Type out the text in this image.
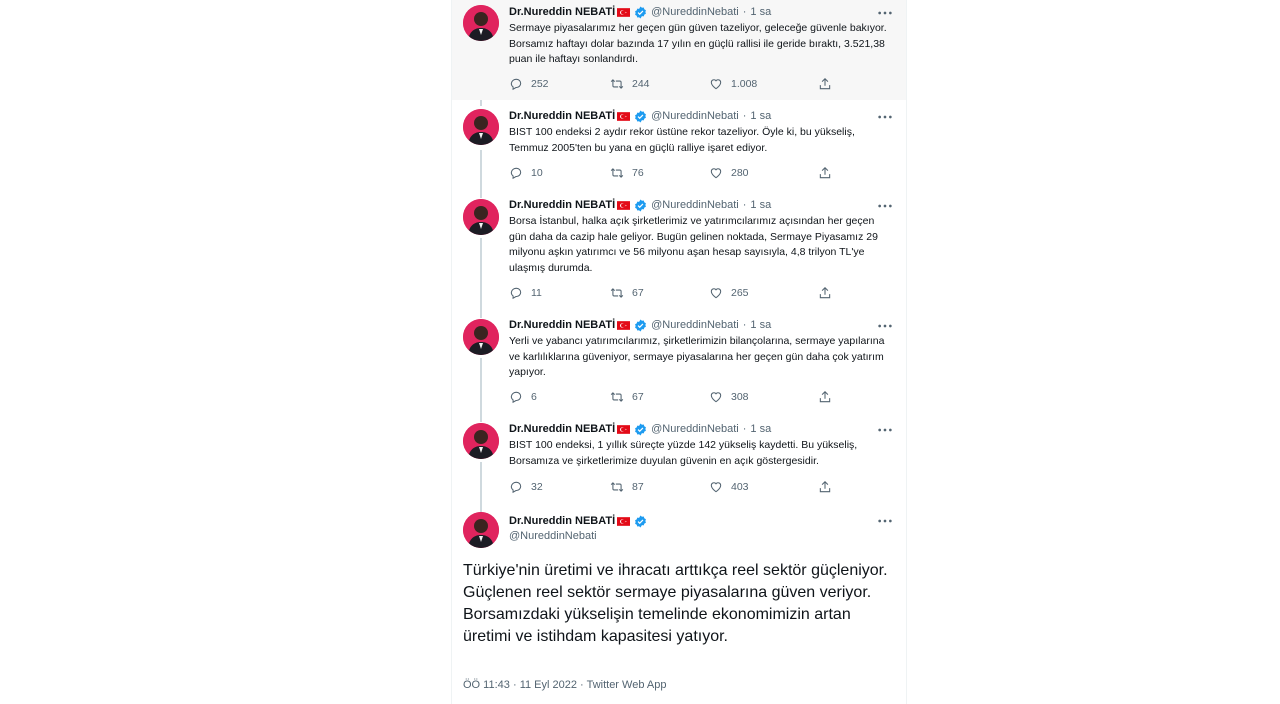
Dr.Nureddin NEBATİ	@NureddinNebati · 1 sa

Sermaye piyasalarımız her geçen gün güven tazeliyor, geleceğe güvenle bakıyor. Borsamız haftayı dolar bazında 17 yılın en güçlü rallisi ile geride bıraktı, 3.521,38 puan ile haftayı sonlandırdı.

252	244	1.008
Dr.Nureddin NEBATİ	@NureddinNebati · 1 sa

BIST 100 endeksi 2 aydır rekor üstüne rekor tazeliyor. Öyle ki, bu yükseliş, Temmuz 2005'ten bu yana en güçlü ralliye işaret ediyor.

10	76	280
Dr.Nureddin NEBATİ	@NureddinNebati · 1 sa

Borsa İstanbul, halka açık şirketlerimiz ve yatırımcılarımız açısından her geçen gün daha da cazip hale geliyor. Bugün gelinen noktada, Sermaye Piyasamız 29 milyonu aşkın yatırımcı ve 56 milyonu aşan hesap sayısıyla, 4,8 trilyon TL'ye ulaşmış durumda.

11	67	265
Dr.Nureddin NEBATİ	@NureddinNebati · 1 sa

Yerli ve yabancı yatırımcılarımız, şirketlerimizin bilançolarına, sermaye yapılarına ve karlılıklarına güveniyor, sermaye piyasalarına her geçen gün daha çok yatırım yapıyor.

6	67	308
Dr.Nureddin NEBATİ	@NureddinNebati · 1 sa

BIST 100 endeksi, 1 yıllık süreçte yüzde 142 yükseliş kaydetti. Bu yükseliş, Borsamıza ve şirketlerimize duyulan güvenin en açık göstergesidir.

32	87	403
Dr.Nureddin NEBATİ
@NureddinNebati

Türkiye'nin üretimi ve ihracatı arttıkça reel sektör güçleniyor. Güçlenen reel sektör sermaye piyasalarına güven veriyor. Borsamızdaki yükselişin temelinde ekonomimizin artan üretimi ve istihdam kapasitesi yatıyor.

ÖÖ 11:43 · 11 Eyl 2022 · Twitter Web App
